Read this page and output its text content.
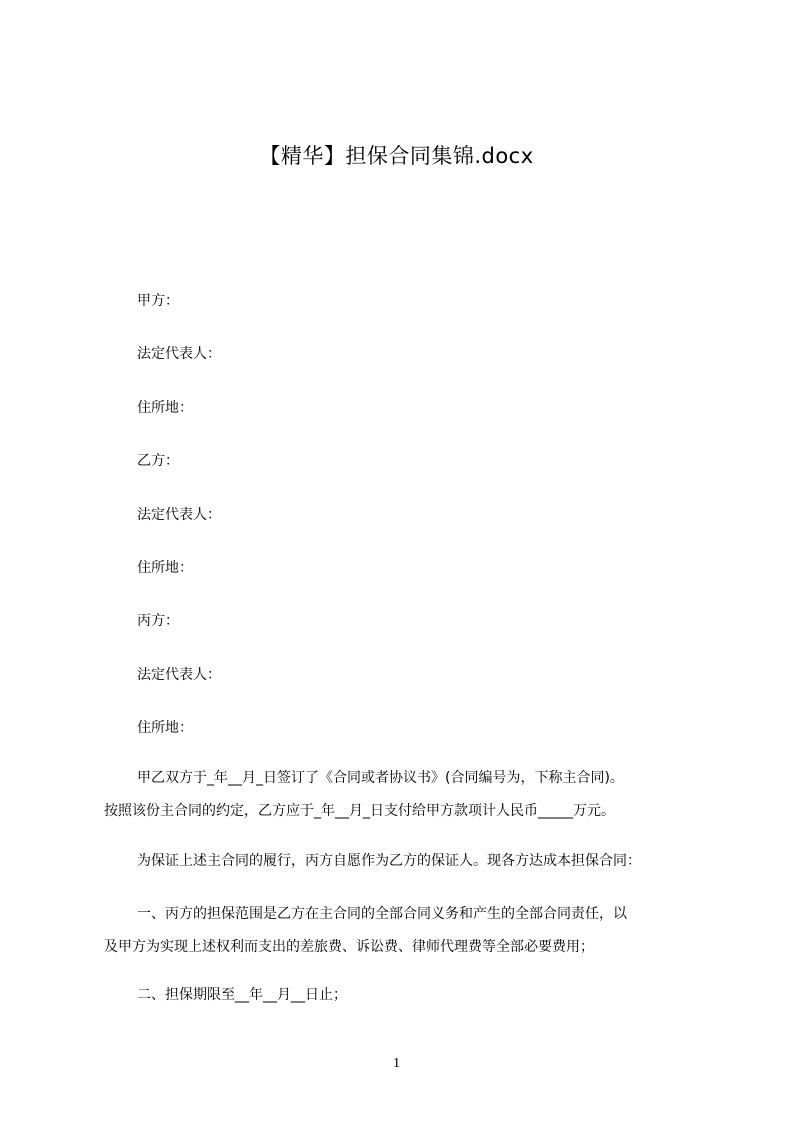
【精华】担保合同集锦.docx
甲方：
法定代表人：
住所地：
乙方：
法定代表人：
住所地：
丙方：
法定代表人：
住所地：
甲乙双方于_年__月_日签订了《合同或者协议书》(合同编号为，下称主合同)。
按照该份主合同的约定，乙方应于_年__月_日支付给甲方款项计人民币_____万元。
为保证上述主合同的履行，丙方自愿作为乙方的保证人。现各方达成本担保合同：
一、丙方的担保范围是乙方在主合同的全部合同义务和产生的全部合同责任，以
及甲方为实现上述权利而支出的差旅费、诉讼费、律师代理费等全部必要费用；
二、担保期限至__年__月__日止；
1
